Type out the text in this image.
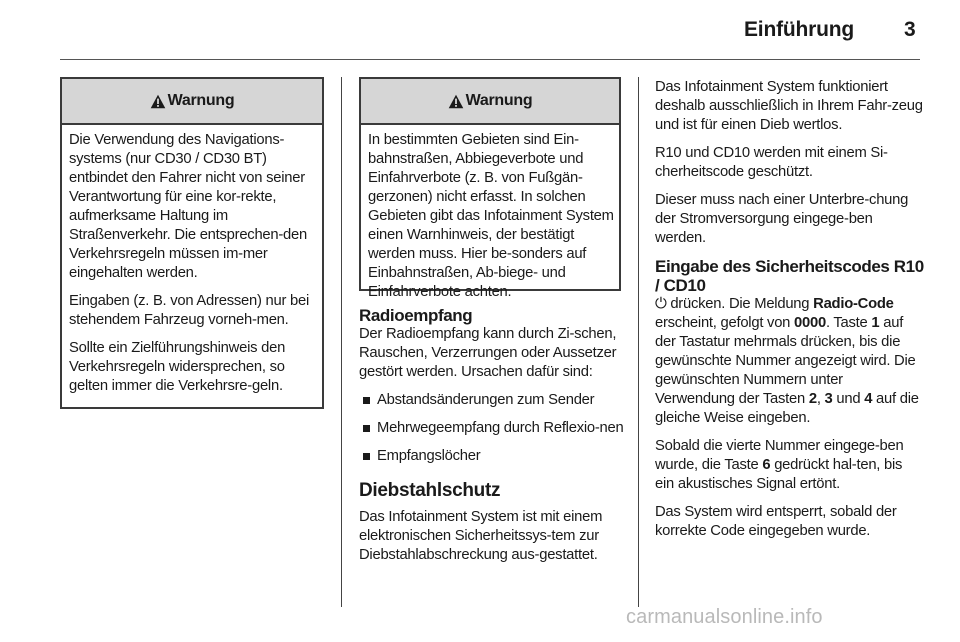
Einführung 3
Warnung

Die Verwendung des Navigations-systems (nur CD30 / CD30 BT) entbindet den Fahrer nicht von seiner Verantwortung für eine kor-rekte, aufmerksame Haltung im Straßenverkehr. Die entsprechen-den Verkehrsregeln müssen im-mer eingehalten werden.

Eingaben (z. B. von Adressen) nur bei stehendem Fahrzeug vorneh-men.

Sollte ein Zielführungshinweis den Verkehrsregeln widersprechen, so gelten immer die Verkehrsre-geln.

Warnung

In bestimmten Gebieten sind Ein-bahnstraßen, Abbiegeverbote und Einfahrverbote (z. B. von Fußgän-gerzonen) nicht erfasst. In solchen Gebieten gibt das Infotainment System einen Warnhinweis, der bestätigt werden muss. Hier be-sonders auf Einbahnstraßen, Ab-biege- und Einfahrverbote achten.

Radioempfang

Der Radioempfang kann durch Zi-schen, Rauschen, Verzerrungen oder Aussetzer gestört werden. Ursachen dafür sind:

Abstandsänderungen zum Sender
Mehrwegeempfang durch Reflexio-nen
Empfangslöcher
Diebstahlschutz

Das Infotainment System ist mit einem elektronischen Sicherheitssys-tem zur Diebstahlabschreckung aus-gestattet.

Das Infotainment System funktioniert deshalb ausschließlich in Ihrem Fahr-zeug und ist für einen Dieb wertlos.

R10 und CD10 werden mit einem Si-cherheitscode geschützt.

Dieser muss nach einer Unterbre-chung der Stromversorgung eingege-ben werden.

Eingabe des Sicherheitscodes R10 / CD10

⏻ drücken. Die Meldung Radio-Code erscheint, gefolgt von 0000. Taste 1 auf der Tastatur mehrmals drücken, bis die gewünschte Nummer angezeigt wird. Die gewünschten Nummern unter Verwendung der Tasten 2, 3 und 4 auf die gleiche Weise eingeben.

Sobald die vierte Nummer eingege-ben wurde, die Taste 6 gedrückt hal-ten, bis ein akustisches Signal ertönt.

Das System wird entsperrt, sobald der korrekte Code eingegeben wurde.

carmanualsonline.info
